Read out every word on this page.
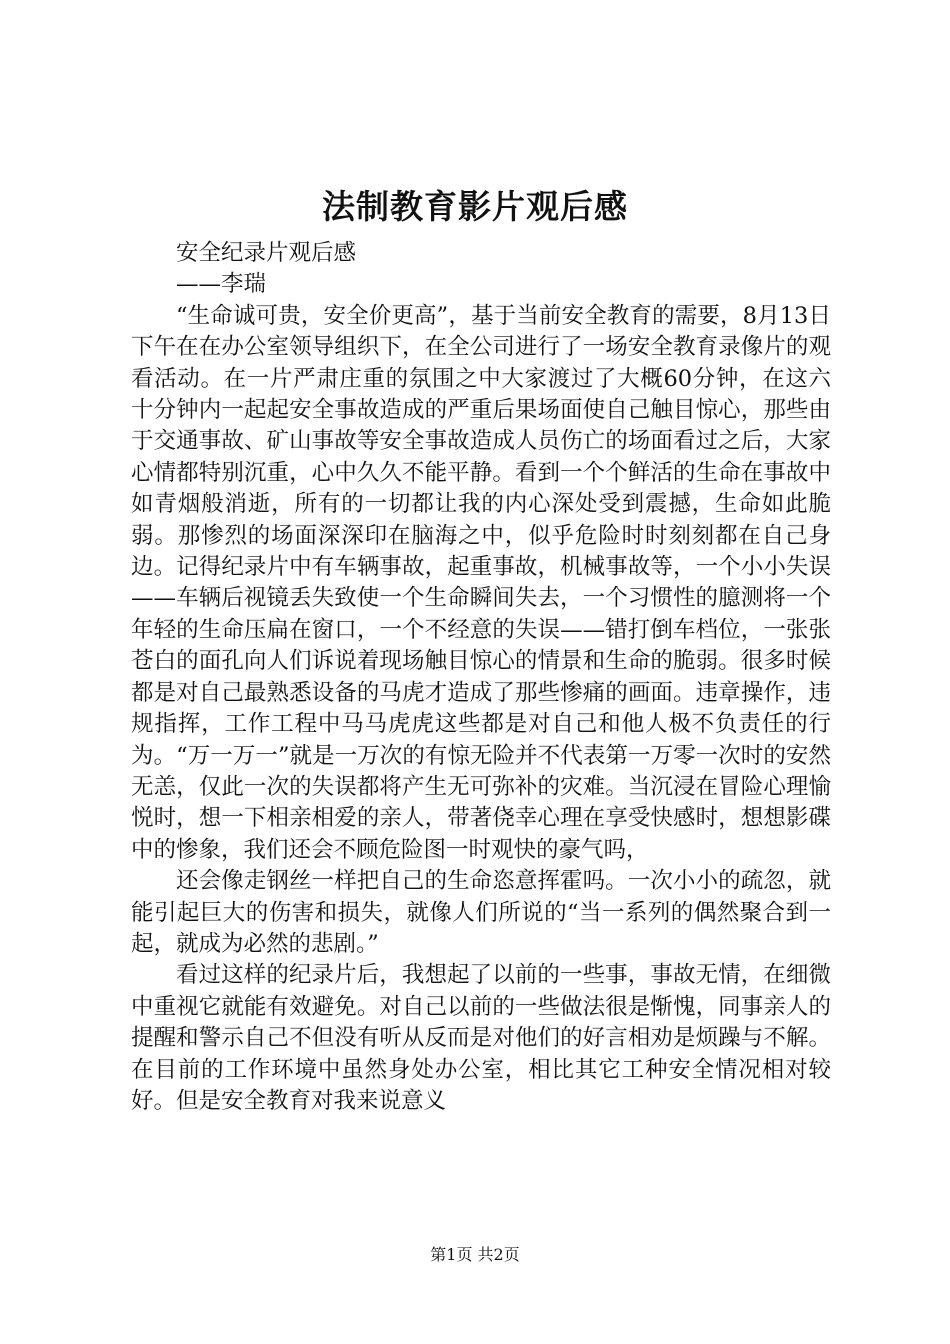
法制教育影片观后感

安全纪录片观后感

——李瑞

“生命诚可贵，安全价更高”，基于当前安全教育的需要，8月13日下午在在办公室领导组织下，在全公司进行了一场安全教育录像片的观看活动。在一片严肃庄重的氛围之中大家渡过了大概60分钟，在这六十分钟内一起起安全事故造成的严重后果场面使自己触目惊心，那些由于交通事故、矿山事故等安全事故造成人员伤亡的场面看过之后，大家心情都特别沉重，心中久久不能平静。看到一个个鲜活的生命在事故中如青烟般消逝，所有的一切都让我的内心深处受到震撼，生命如此脆弱。那惨烈的场面深深印在脑海之中，似乎危险时时刻刻都在自己身边。记得纪录片中有车辆事故，起重事故，机械事故等，一个小小失误——车辆后视镜丢失致使一个生命瞬间失去，一个习惯性的臆测将一个年轻的生命压扁在窗口，一个不经意的失误——错打倒车档位，一张张苍白的面孔向人们诉说着现场触目惊心的情景和生命的脆弱。很多时候都是对自己最熟悉设备的马虎才造成了那些惨痛的画面。违章操作，违规指挥，工作工程中马马虎虎这些都是对自己和他人极不负责任的行为。“万一万一”就是一万次的有惊无险并不代表第一万零一次时的安然无恙，仅此一次的失误都将产生无可弥补的灾难。当沉浸在冒险心理愉悦时，想一下相亲相爱的亲人，带著侥幸心理在享受快感时，想想影碟中的惨象，我们还会不顾危险图一时观快的豪气吗，

还会像走钢丝一样把自己的生命恣意挥霍吗。一次小小的疏忽，就能引起巨大的伤害和损失，就像人们所说的“当一系列的偶然聚合到一起，就成为必然的悲剧。”

看过这样的纪录片后，我想起了以前的一些事，事故无情，在细微中重视它就能有效避免。对自己以前的一些做法很是惭愧，同事亲人的提醒和警示自己不但没有听从反而是对他们的好言相劝是烦躁与不解。在目前的工作环境中虽然身处办公室，相比其它工种安全情况相对较好。但是安全教育对我来说意义

第1页 共2页
